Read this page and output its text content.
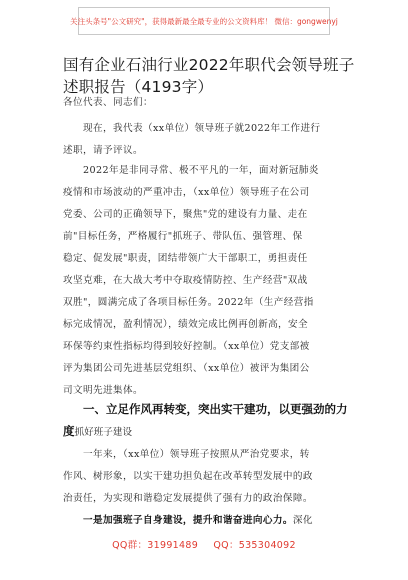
关注头条号"公文研究"，获得最新最全最专业的公文资料库！ 微信：gongwenyj
国有企业石油行业2022年职代会领导班子
述职报告（4193字）
各位代表、同志们：
现在，我代表（xx单位）领导班子就2022年工作进行
述职，请予评议。
2022年是非同寻常、极不平凡的一年，面对新冠肺炎
疫情和市场波动的严重冲击，（xx单位）领导班子在公司
党委、公司的正确领导下，聚焦"党的建设有力量、走在
前"目标任务，严格履行"抓班子、带队伍、强管理、保
稳定、促发展"职责，团结带领广大干部职工，勇担责任
攻坚克难，在大战大考中夺取疫情防控、生产经营"双战
双胜"，圆满完成了各项目标任务。2022年（生产经营指
标完成情况，盈利情况），绩效完成比例再创新高，安全
环保等约束性指标均得到较好控制。（xx单位）党支部被
评为集团公司先进基层党组织、（xx单位）被评为集团公
司文明先进集体。
一、立足作风再转变，突出实干建功，以更强劲的力
度抓好班子建设
一年来，（xx单位）领导班子按照从严治党要求，转
作风、树形象，以实干建功担负起在改革转型发展中的政
治责任，为实现和谐稳定发展提供了强有力的政治保障。
一是加强班子自身建设，提升和谐奋进向心力。深化
QQ群：31991489 QQ：535304092
